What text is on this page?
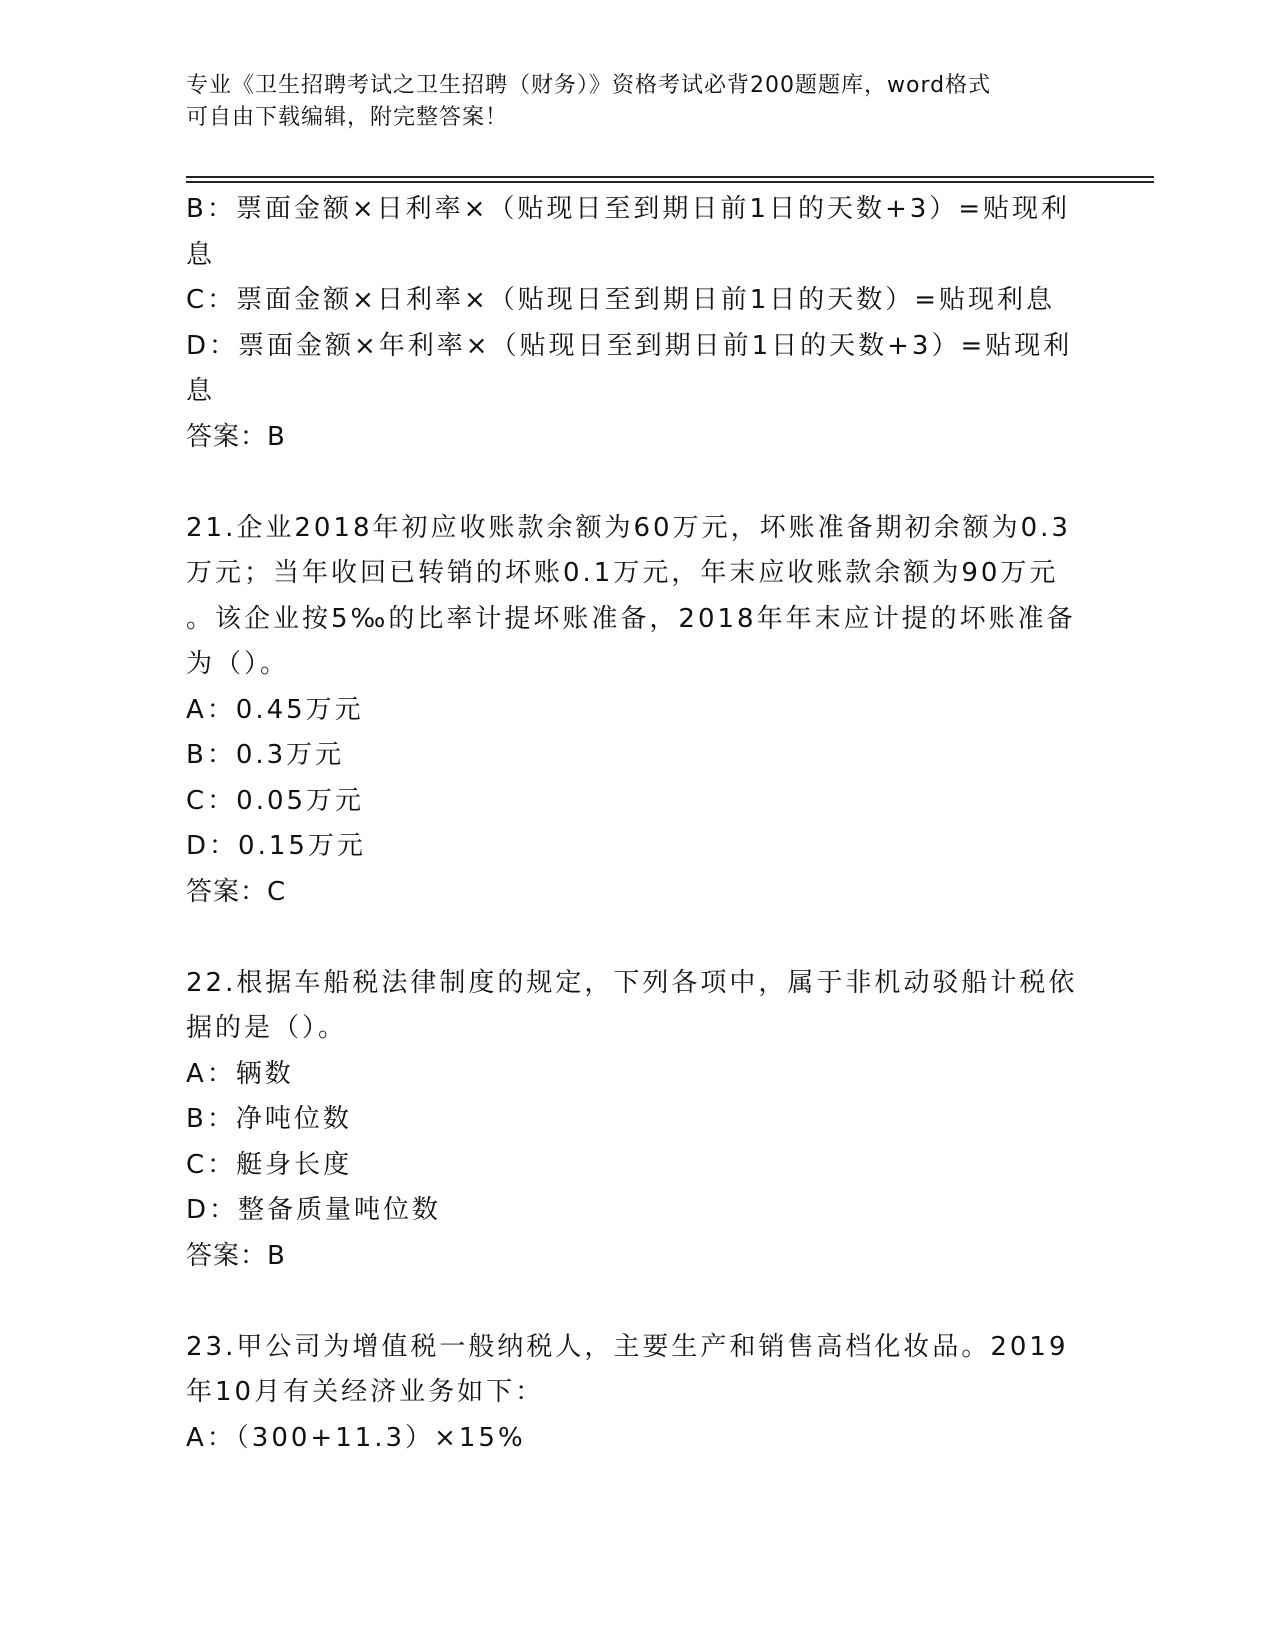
专业《卫生招聘考试之卫生招聘（财务）》资格考试必背200题题库，word格式
可自由下载编辑，附完整答案！
B：票面金额×日利率×（贴现日至到期日前1日的天数+3）=贴现利
息
C：票面金额×日利率×（贴现日至到期日前1日的天数）=贴现利息
D：票面金额×年利率×（贴现日至到期日前1日的天数+3）=贴现利
息
答案：B
21.企业2018年初应收账款余额为60万元，坏账准备期初余额为0.3
万元；当年收回已转销的坏账0.1万元，年末应收账款余额为90万元
。该企业按5‰的比率计提坏账准备，2018年年末应计提的坏账准备
为（）。
A：0.45万元
B：0.3万元
C：0.05万元
D：0.15万元
答案：C
22.根据车船税法律制度的规定，下列各项中，属于非机动驳船计税依
据的是（）。
A：辆数
B：净吨位数
C：艇身长度
D：整备质量吨位数
答案：B
23.甲公司为增值税一般纳税人，主要生产和销售高档化妆品。2019
年10月有关经济业务如下：
A：（300+11.3）×15%
